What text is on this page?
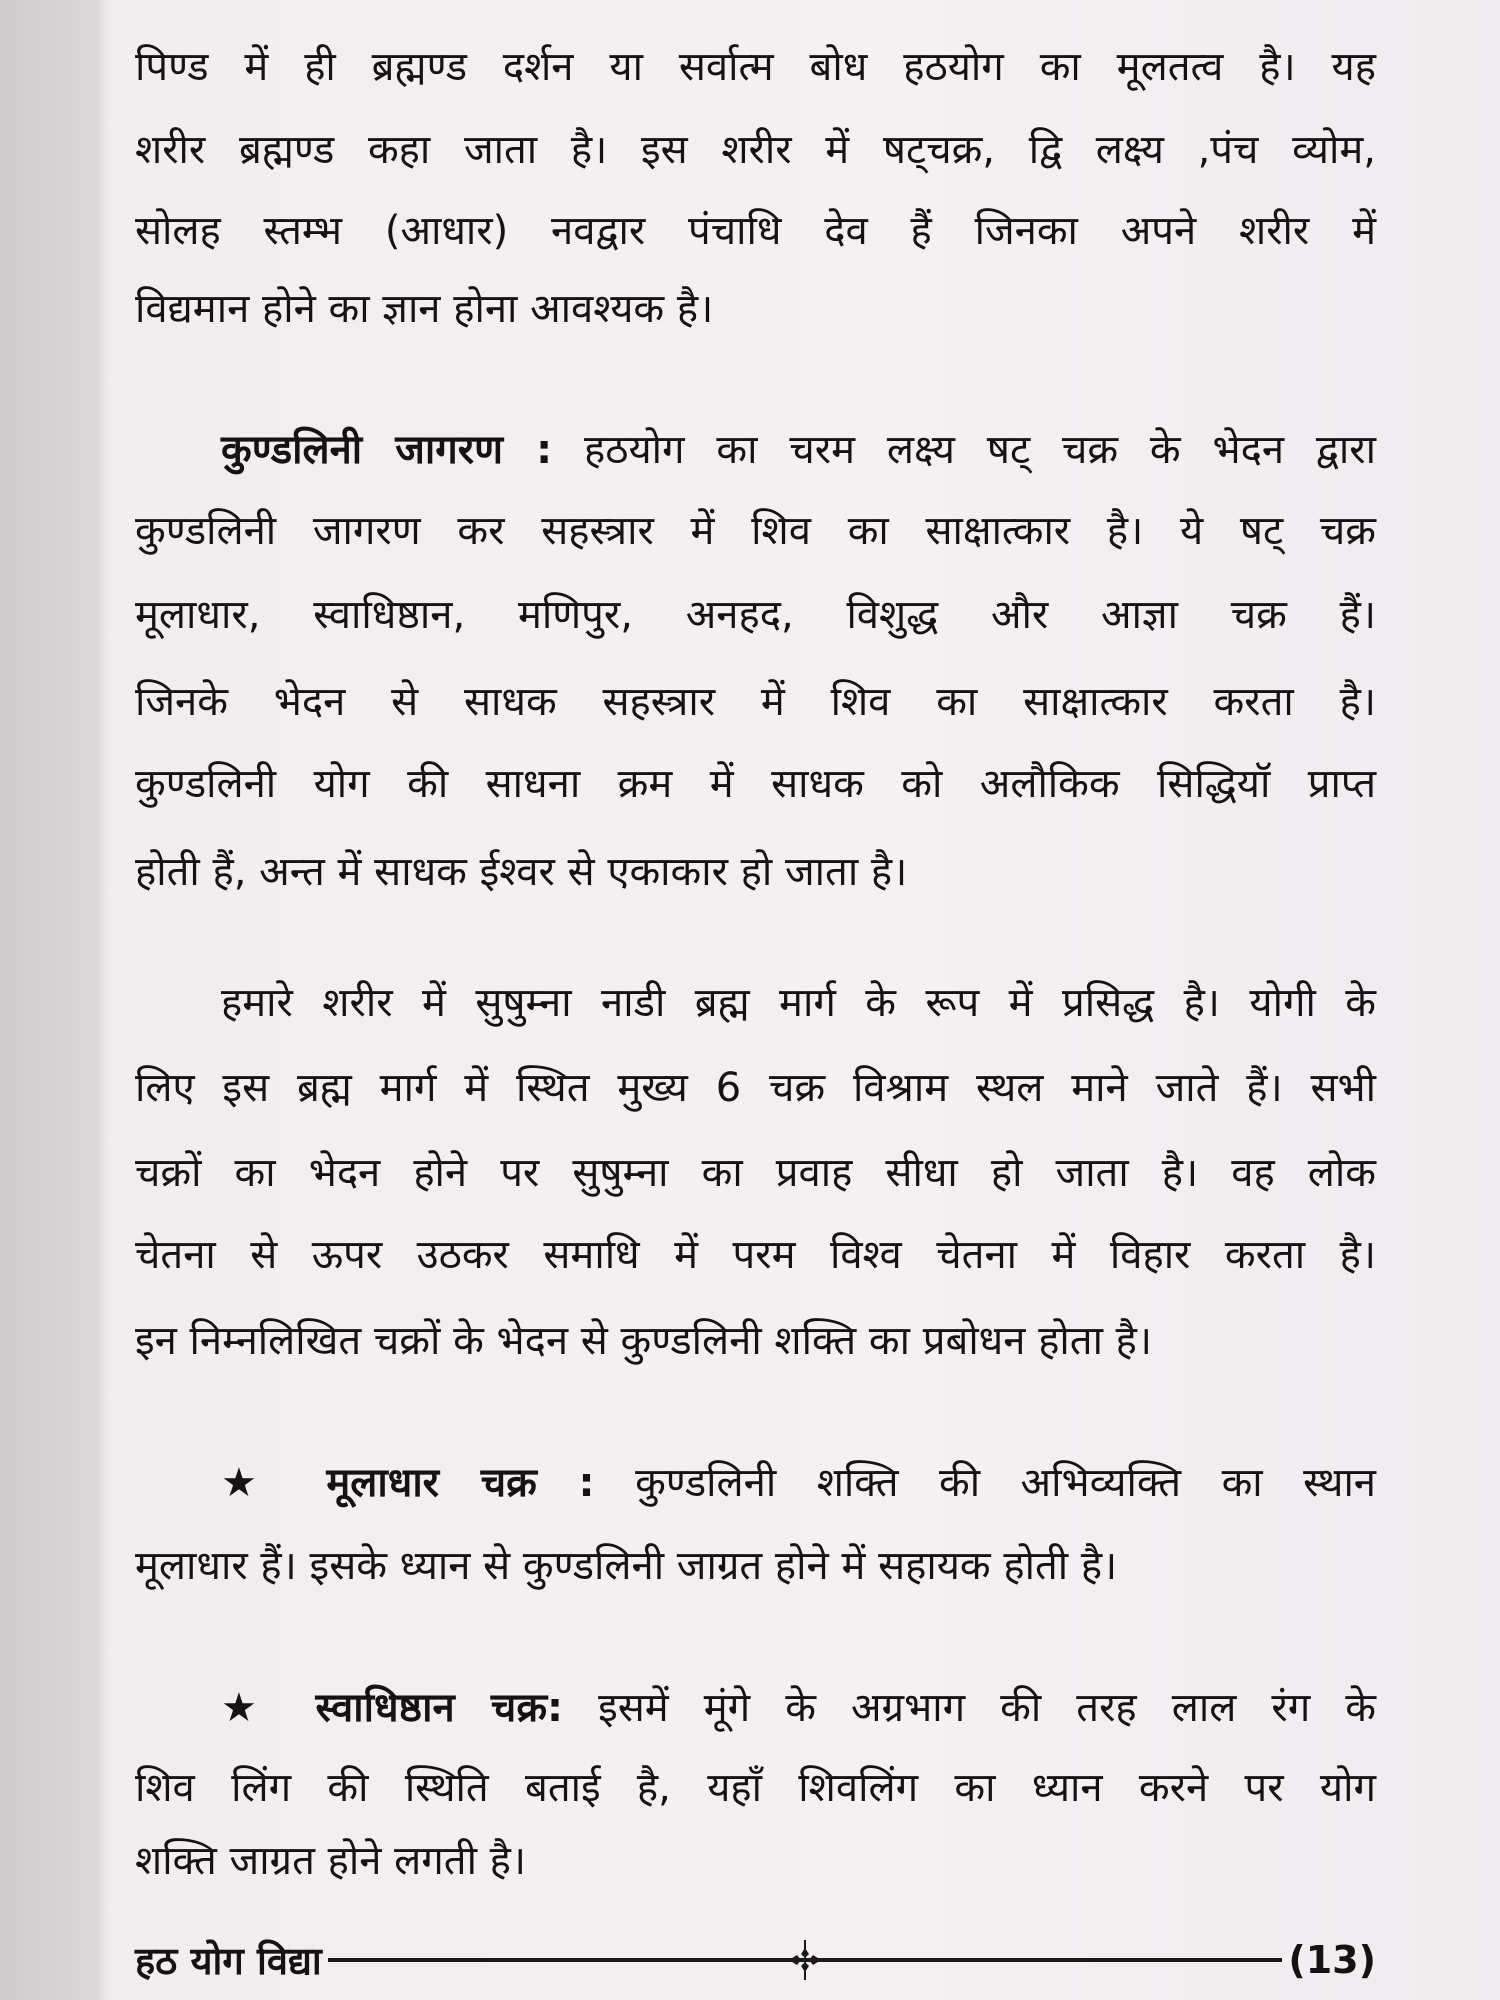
पिण्ड में ही ब्रह्मण्ड दर्शन या सर्वात्म बोध हठयोग का मूलतत्व है। यह
शरीर ब्रह्मण्ड कहा जाता है। इस शरीर में षट्चक्र, द्वि लक्ष्य ,पंच व्योम,
सोलह स्तम्भ (आधार) नवद्वार पंचाधि देव हैं जिनका अपने शरीर में
विद्यमान होने का ज्ञान होना आवश्यक है।
कुण्डलिनी जागरण : हठयोग का चरम लक्ष्य षट् चक्र के भेदन द्वारा
कुण्डलिनी जागरण कर सहस्त्रार में शिव का साक्षात्कार है। ये षट् चक्र
मूलाधार, स्वाधिष्ठान, मणिपुर, अनहद, विशुद्ध और आज्ञा चक्र हैं।
जिनके भेदन से साधक सहस्त्रार में शिव का साक्षात्कार करता है।
कुण्डलिनी योग की साधना क्रम में साधक को अलौकिक सिद्धियॉ प्राप्त
होती हैं, अन्त में साधक ईश्वर से एकाकार हो जाता है।
हमारे शरीर में सुषुम्ना नाडी ब्रह्म मार्ग के रूप में प्रसिद्ध है। योगी के
लिए इस ब्रह्म मार्ग में स्थित मुख्य 6 चक्र विश्राम स्थल माने जाते हैं। सभी
चक्रों का भेदन होने पर सुषुम्ना का प्रवाह सीधा हो जाता है। वह लोक
चेतना से ऊपर उठकर समाधि में परम विश्व चेतना में विहार करता है।
इन निम्नलिखित चक्रों के भेदन से कुण्डलिनी शक्ति का प्रबोधन होता है।
★ मूलाधार चक्र : कुण्डलिनी शक्ति की अभिव्यक्ति का स्थान
मूलाधार हैं। इसके ध्यान से कुण्डलिनी जाग्रत होने में सहायक होती है।
★ स्वाधिष्ठान चक्र: इसमें मूंगे के अग्रभाग की तरह लाल रंग के
शिव लिंग की स्थिति बताई है, यहाँ शिवलिंग का ध्यान करने पर योग
शक्ति जाग्रत होने लगती है।
हठ योग विद्या	(13)
